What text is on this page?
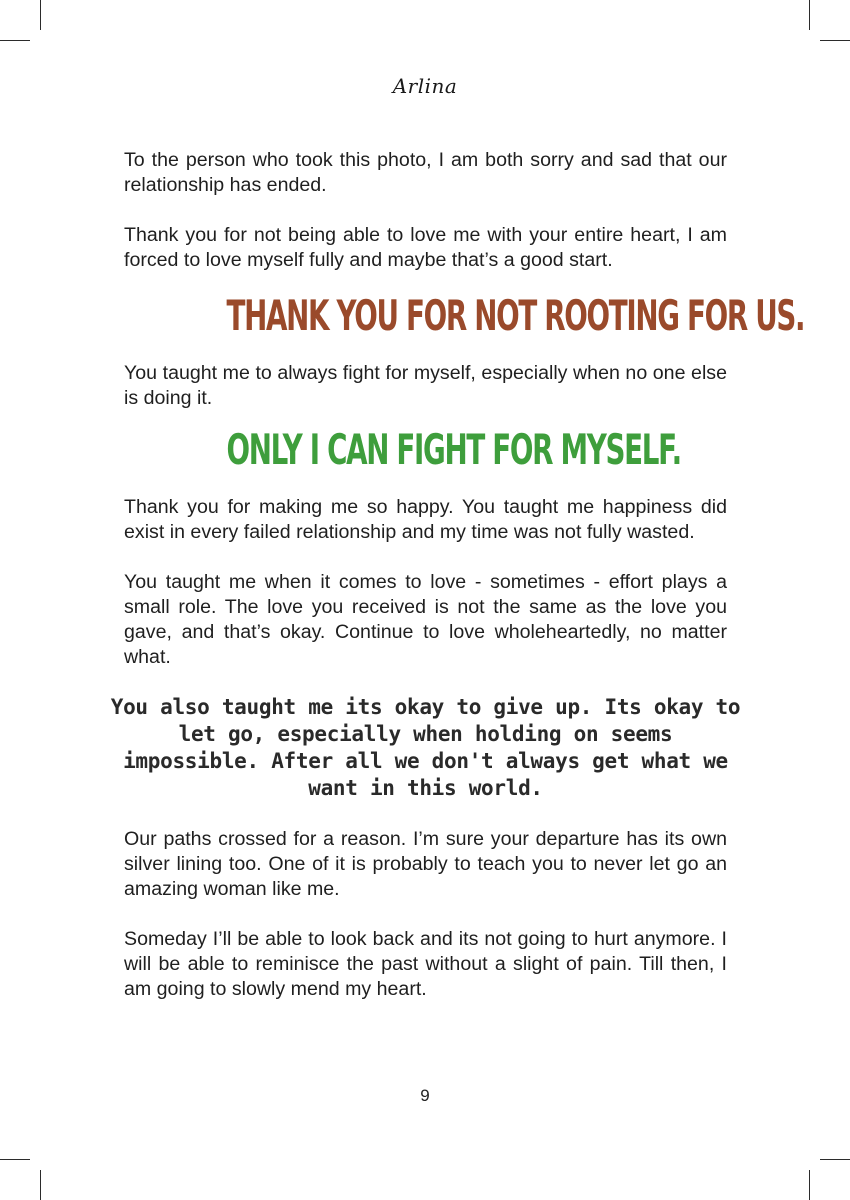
Arlina

To the person who took this photo, I am both sorry and sad that our relationship has ended.

Thank you for not being able to love me with your entire heart, I am forced to love myself fully and maybe that’s a good start.

THANK YOU FOR NOT ROOTING FOR US.

You taught me to always fight for myself, especially when no one else is doing it.

ONLY I CAN FIGHT FOR MYSELF.

Thank you for making me so happy. You taught me happiness did exist in every failed relationship and my time was not fully wasted.

You taught me when it comes to love - sometimes - effort plays a small role. The love you received is not the same as the love you gave, and that’s okay. Continue to love wholeheartedly, no matter what.

You also taught me its okay to give up. Its okay to let go, especially when holding on seems impossible. After all we don't always get what we want in this world.

Our paths crossed for a reason. I’m sure your departure has its own silver lining too. One of it is probably to teach you to never let go an amazing woman like me.

Someday I’ll be able to look back and its not going to hurt anymore. I will be able to reminisce the past without a slight of pain. Till then, I am going to slowly mend my heart.

9
